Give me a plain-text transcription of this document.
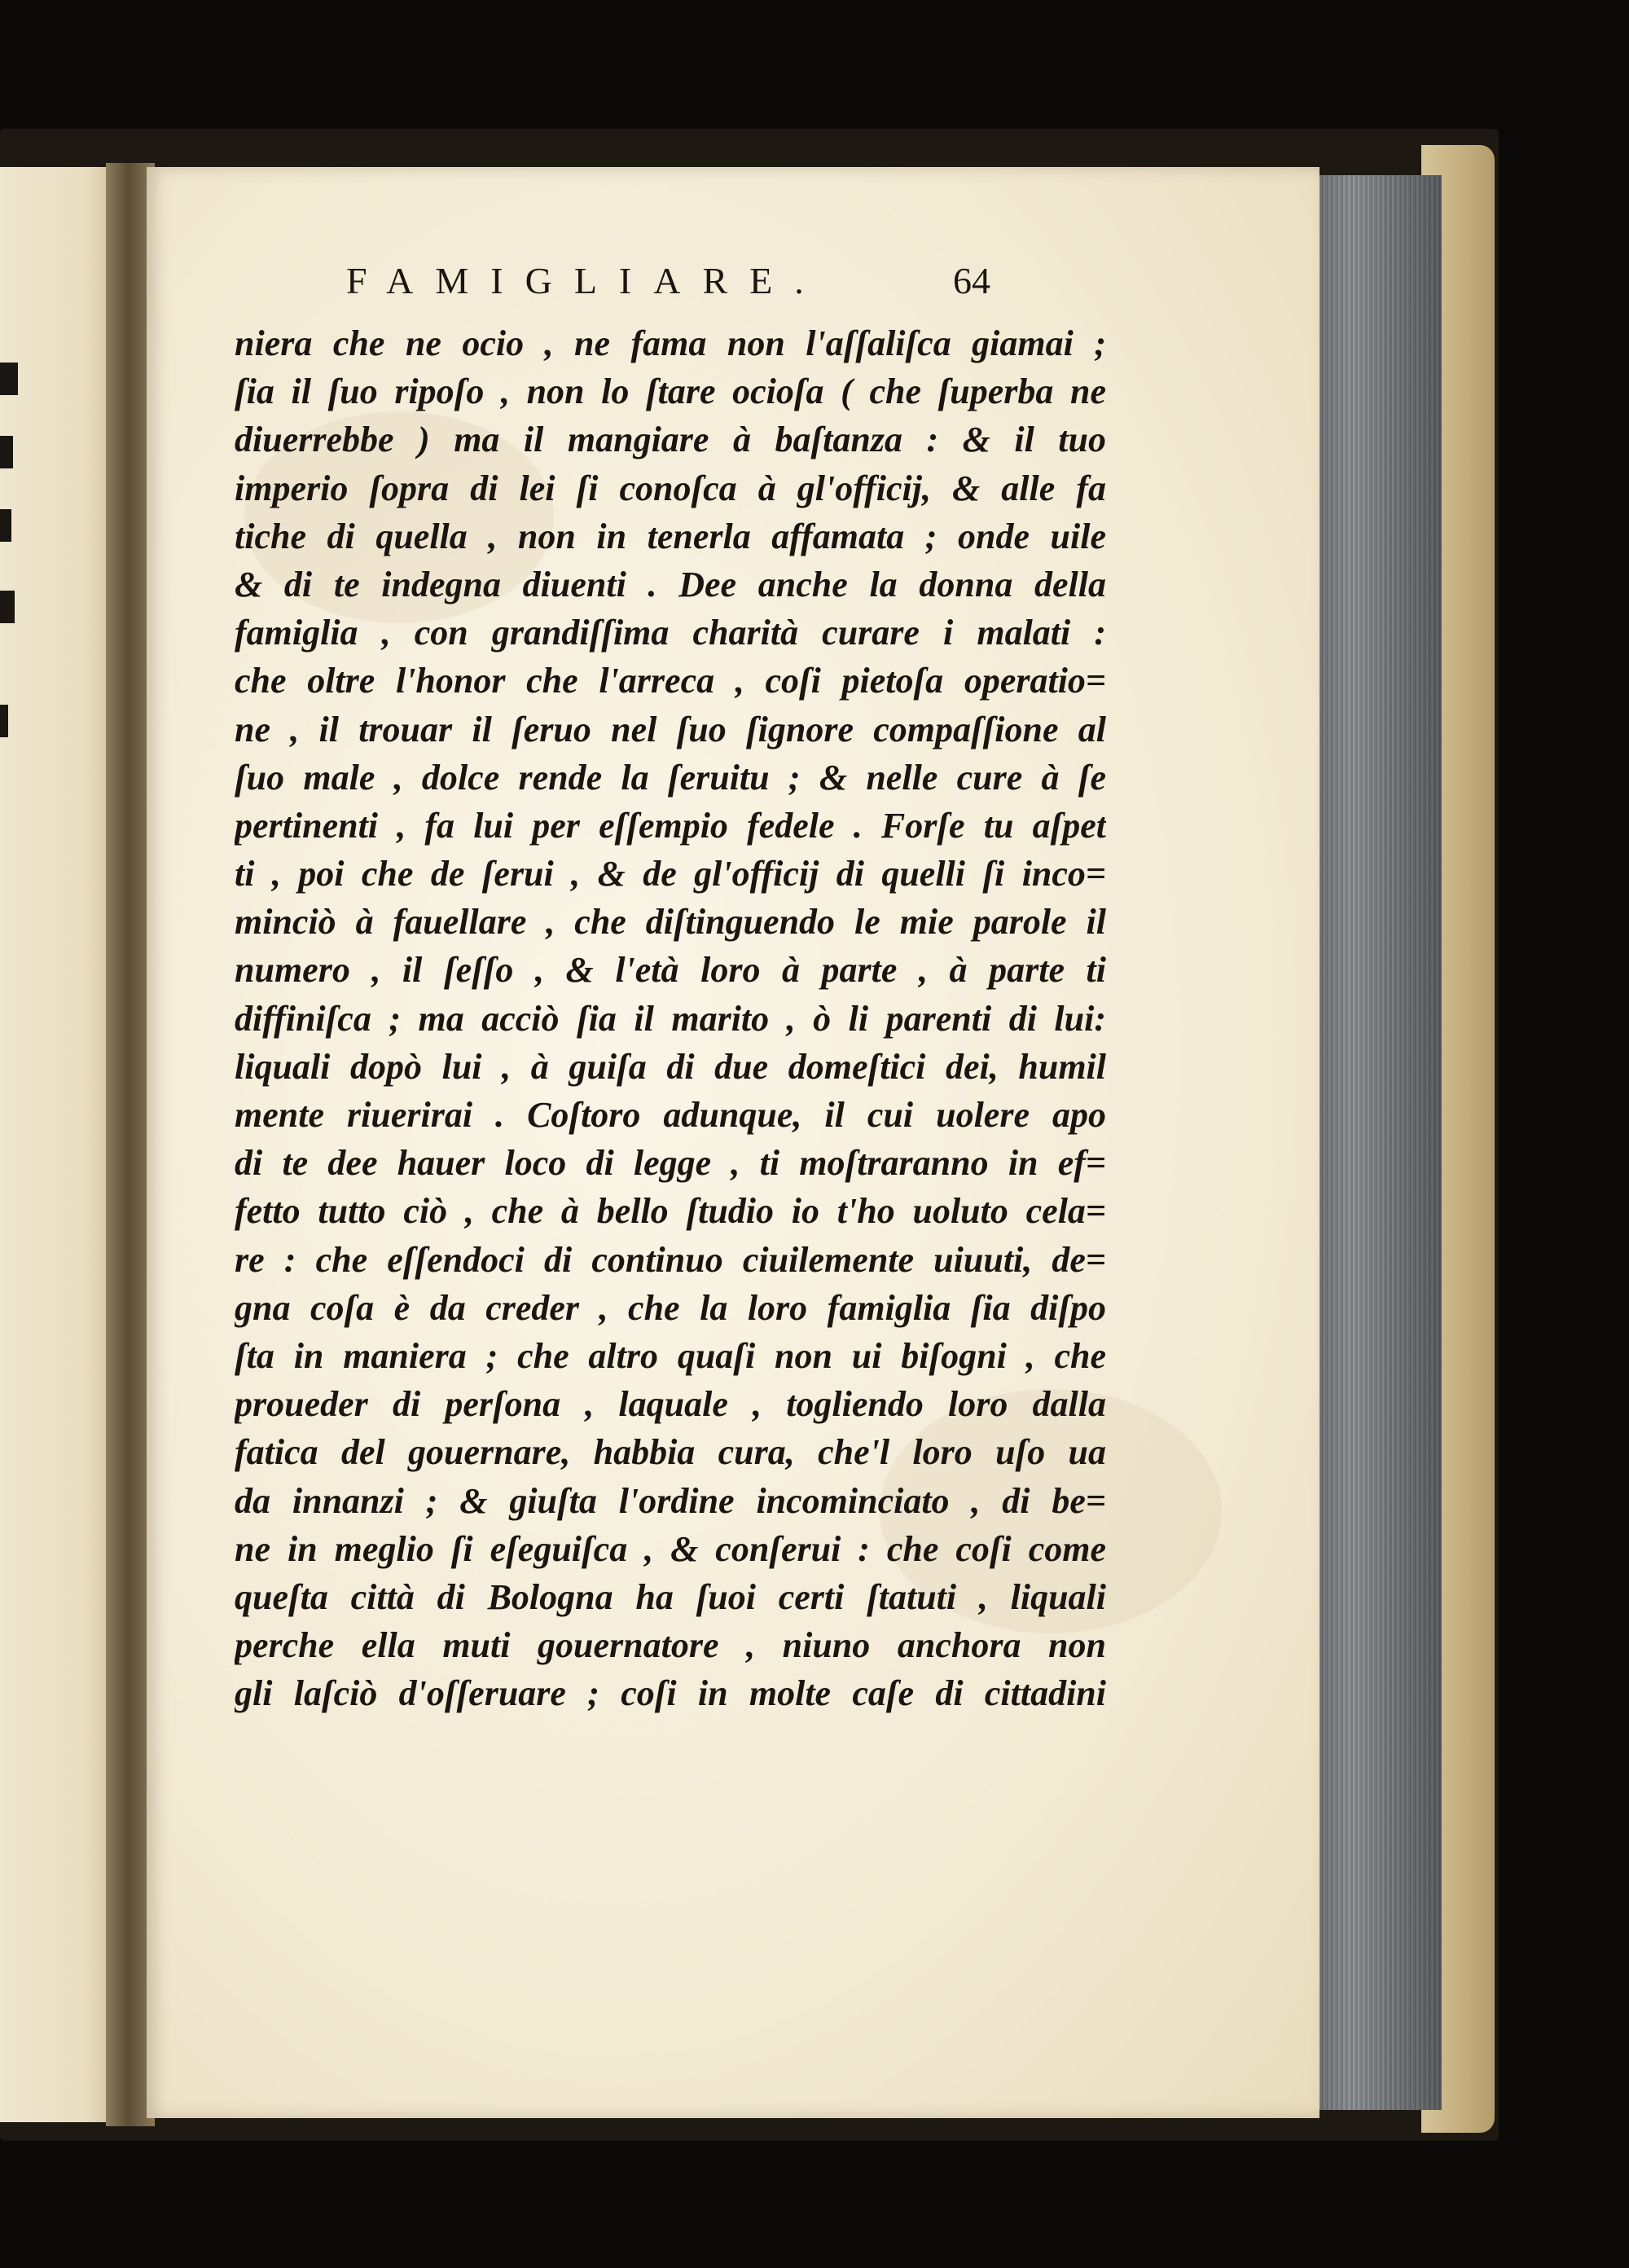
FAMIGLIARE.	64
niera che ne ocio , ne fama non l'aſſaliſca giamai ;
ſia il ſuo ripoſo , non lo ſtare ocioſa ( che ſuperba ne
diuerrebbe ) ma il mangiare à baſtanza : & il tuo
imperio ſopra di lei ſi conoſca à gl'officij, & alle fa
tiche di quella , non in tenerla affamata ; onde uile
& di te indegna diuenti . Dee anche la donna della
famiglia , con grandiſſima charità curare i malati :
che oltre l'honor che l'arreca , coſi pietoſa operatio=
ne , il trouar il ſeruo nel ſuo ſignore compaſſione al
ſuo male , dolce rende la ſeruitu ; & nelle cure à ſe
pertinenti , fa lui per eſſempio fedele . Forſe tu aſpet
ti , poi che de ſerui , & de gl'officij di quelli ſi inco=
minciò à fauellare , che diſtinguendo le mie parole il
numero , il ſeſſo , & l'età loro à parte , à parte ti
diffiniſca ; ma acciò ſia il marito , ò li parenti di lui:
liquali dopò lui , à guiſa di due domeſtici dei, humil
mente riuerirai . Coſtoro adunque, il cui uolere apo
di te dee hauer loco di legge , ti moſtraranno in ef=
fetto tutto ciò , che à bello ſtudio io t'ho uoluto cela=
re : che eſſendoci di continuo ciuilemente uiuuti, de=
gna coſa è da creder , che la loro famiglia ſia diſpo
ſta in maniera ; che altro quaſi non ui biſogni , che
proueder di perſona , laquale , togliendo loro dalla
fatica del gouernare, habbia cura, che'l loro uſo ua
da innanzi ; & giuſta l'ordine incominciato , di be=
ne in meglio ſi eſeguiſca , & conſerui : che coſi come
queſta città di Bologna ha ſuoi certi ſtatuti , liquali
perche ella muti gouernatore , niuno anchora non
gli laſciò d'oſſeruare ; coſi in molte caſe di cittadini
